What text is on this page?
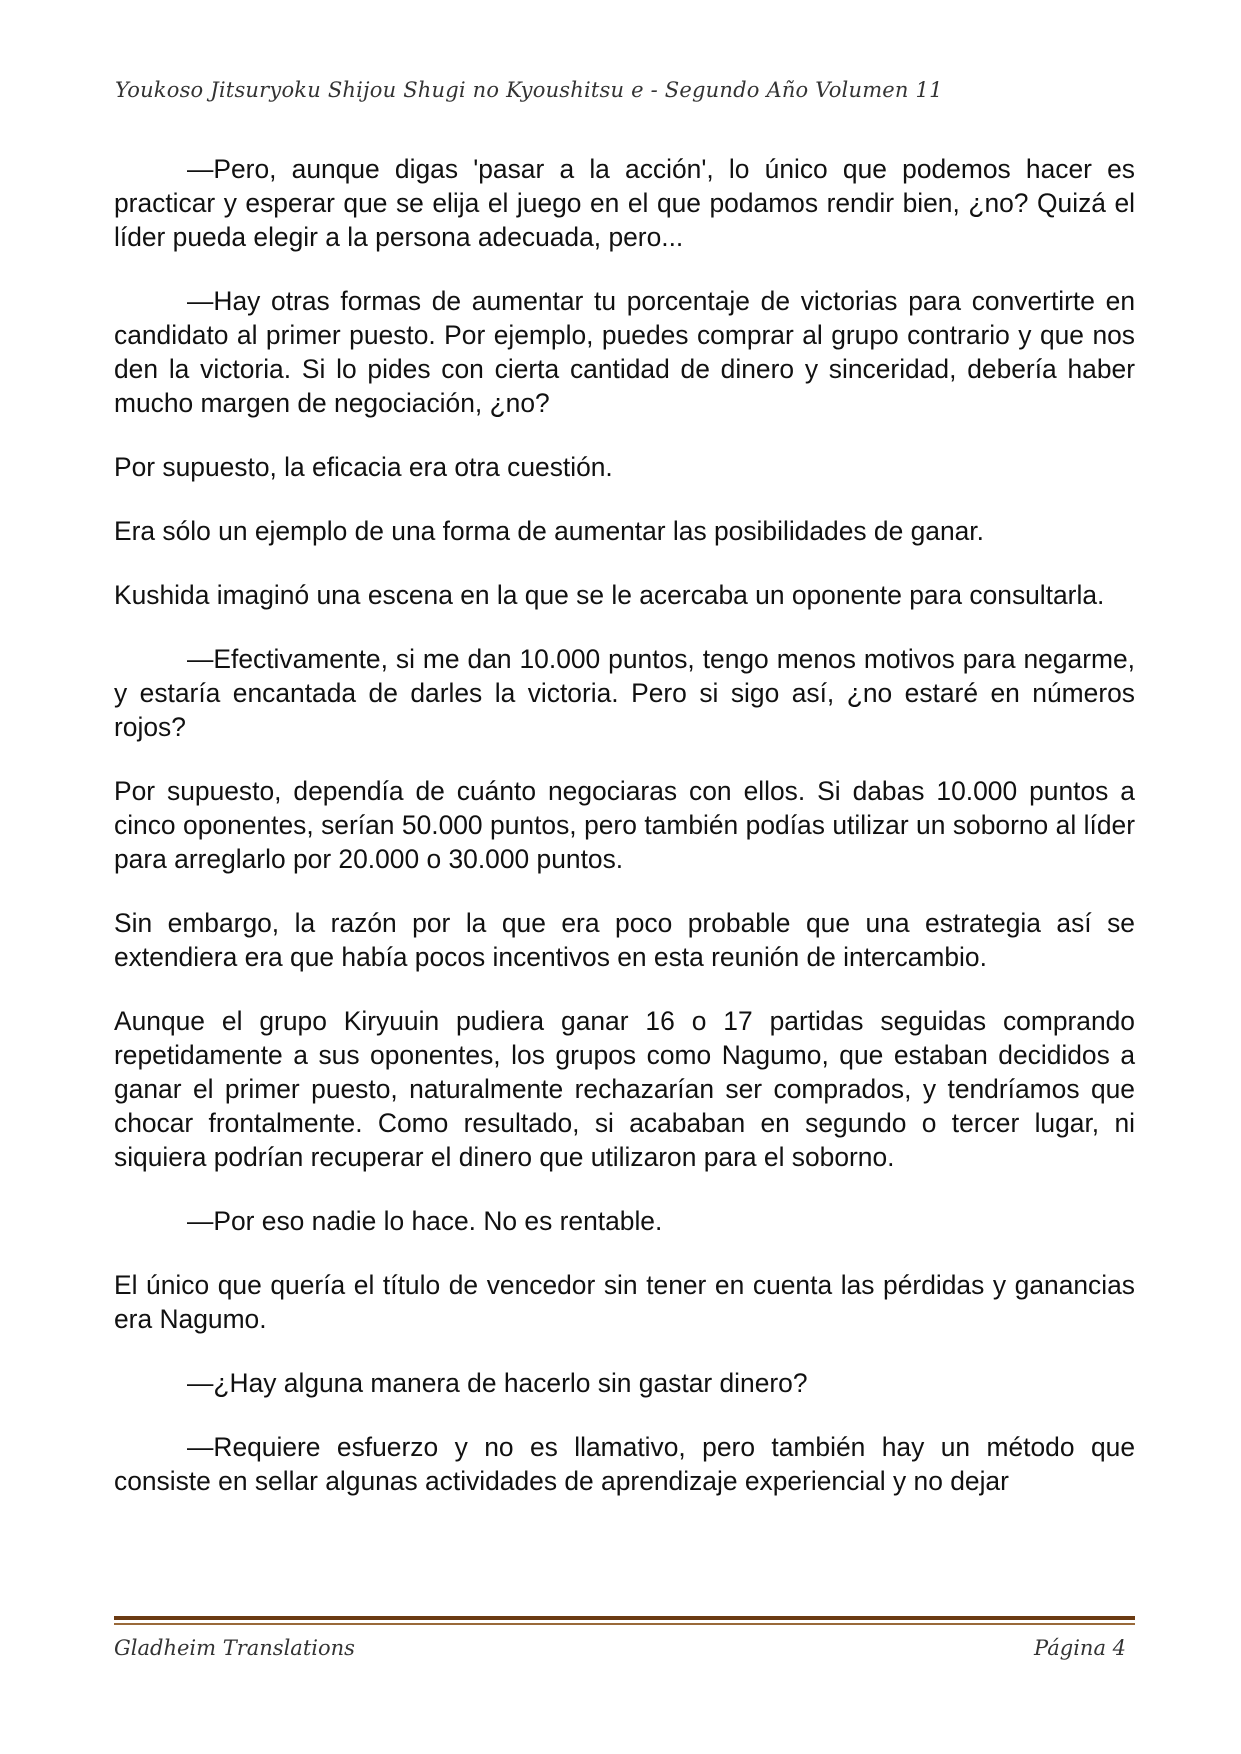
Youkoso Jitsuryoku Shijou Shugi no Kyoushitsu e - Segundo Año Volumen 11

—Pero, aunque digas 'pasar a la acción', lo único que podemos hacer es practicar y esperar que se elija el juego en el que podamos rendir bien, ¿no? Quizá el líder pueda elegir a la persona adecuada, pero...

—Hay otras formas de aumentar tu porcentaje de victorias para convertirte en candidato al primer puesto. Por ejemplo, puedes comprar al grupo contrario y que nos den la victoria. Si lo pides con cierta cantidad de dinero y sinceridad, debería haber mucho margen de negociación, ¿no?

Por supuesto, la eficacia era otra cuestión.

Era sólo un ejemplo de una forma de aumentar las posibilidades de ganar.

Kushida imaginó una escena en la que se le acercaba un oponente para consultarla.

—Efectivamente, si me dan 10.000 puntos, tengo menos motivos para negarme, y estaría encantada de darles la victoria. Pero si sigo así, ¿no estaré en números rojos?

Por supuesto, dependía de cuánto negociaras con ellos. Si dabas 10.000 puntos a cinco oponentes, serían 50.000 puntos, pero también podías utilizar un soborno al líder para arreglarlo por 20.000 o 30.000 puntos.

Sin embargo, la razón por la que era poco probable que una estrategia así se extendiera era que había pocos incentivos en esta reunión de intercambio.

Aunque el grupo Kiryuuin pudiera ganar 16 o 17 partidas seguidas comprando repetidamente a sus oponentes, los grupos como Nagumo, que estaban decididos a ganar el primer puesto, naturalmente rechazarían ser comprados, y tendríamos que chocar frontalmente. Como resultado, si acababan en segundo o tercer lugar, ni siquiera podrían recuperar el dinero que utilizaron para el soborno.

—Por eso nadie lo hace. No es rentable.

El único que quería el título de vencedor sin tener en cuenta las pérdidas y ganancias era Nagumo.

—¿Hay alguna manera de hacerlo sin gastar dinero?

—Requiere esfuerzo y no es llamativo, pero también hay un método que consiste en sellar algunas actividades de aprendizaje experiencial y no dejar

Gladheim Translations	Página 4
